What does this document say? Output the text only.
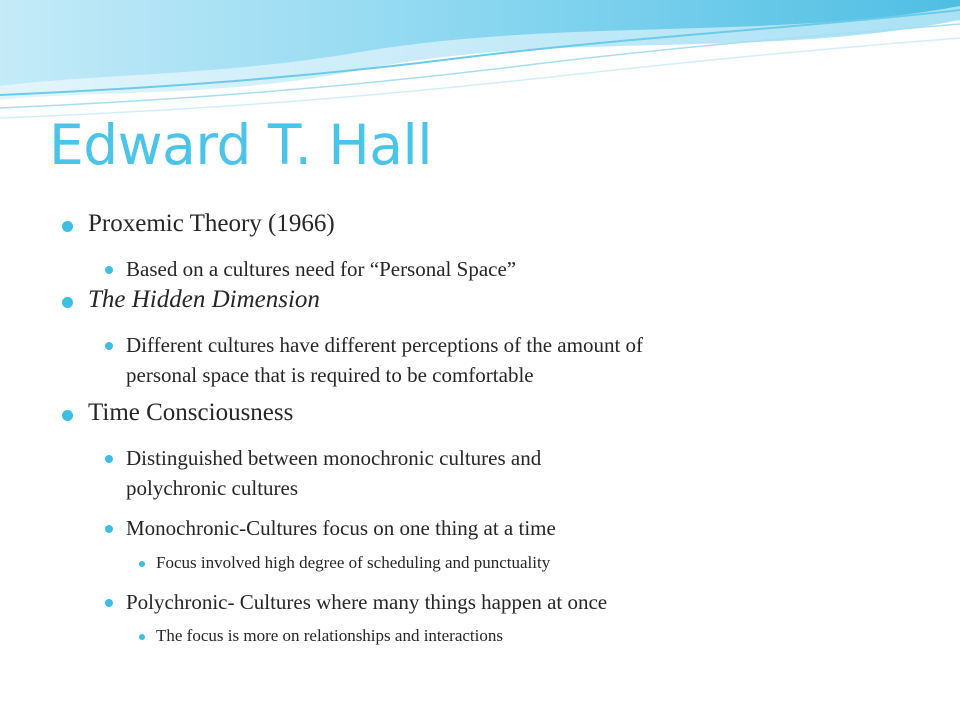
Edward T. Hall
Proxemic Theory (1966)
Based on a cultures need for “Personal Space”
The Hidden Dimension
Different cultures have different perceptions of the amount of
personal space that is required to be comfortable
Time Consciousness
Distinguished between monochronic cultures and
polychronic cultures
Monochronic-Cultures focus on one thing at a time
Focus involved high degree of scheduling and punctuality
Polychronic- Cultures where many things happen at once
The focus is more on relationships and interactions
